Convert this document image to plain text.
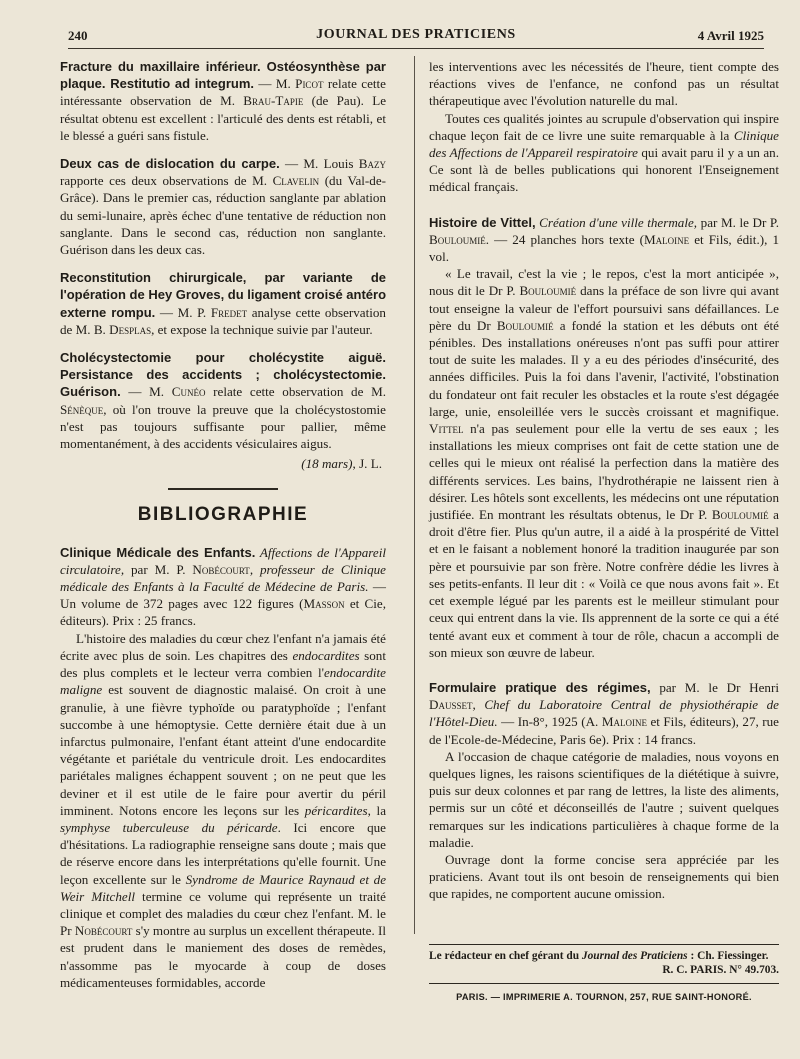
240	JOURNAL DES PRATICIENS	4 Avril 1925

Fracture du maxillaire inférieur. Ostéosynthèse par plaque. Restitutio ad integrum. — M. Picot relate cette intéressante observation de M. Brau-Tapie (de Pau). Le résultat obtenu est excellent : l'articulé des dents est rétabli, et le blessé a guéri sans fistule.

Deux cas de dislocation du carpe. — M. Louis Bazy rapporte ces deux observations de M. Clavelin (du Val-de-Grâce). Dans le premier cas, réduction sanglante par ablation du semi-lunaire, après échec d'une tentative de réduction non sanglante. Dans le second cas, réduction non sanglante. Guérison dans les deux cas.

Reconstitution chirurgicale, par variante de l'opération de Hey Groves, du ligament croisé antéro externe rompu. — M. P. Fredet analyse cette observation de M. B. Desplas, et expose la technique suivie par l'auteur.

Cholécystectomie pour cholécystite aiguë. Persistance des accidents ; cholécystectomie. Guérison. — M. Cunéo relate cette observation de M. Sénèque, où l'on trouve la preuve que la cholécystostomie n'est pas toujours suffisante pour pallier, même momentanément, à des accidents vésiculaires aigus.

(18 mars), J. L.

BIBLIOGRAPHIE

Clinique Médicale des Enfants. Affections de l'Appareil circulatoire, par M. P. Nobécourt, professeur de Clinique médicale des Enfants à la Faculté de Médecine de Paris. — Un volume de 372 pages avec 122 figures (Masson et Cie, éditeurs). Prix : 25 francs.

L'histoire des maladies du cœur chez l'enfant n'a jamais été écrite avec plus de soin. Les chapitres des endocardites sont des plus complets et le lecteur verra combien l'endocardite maligne est souvent de diagnostic malaisé. On croit à une granulie, à une fièvre typhoïde ou paratyphoïde ; l'enfant succombe à une hémoptysie. Cette dernière était due à un infarctus pulmonaire, l'enfant étant atteint d'une endocardite végétante et pariétale du ventricule droit. Les endocardites pariétales malignes échappent souvent ; on ne peut que les deviner et il est utile de le faire pour avertir du péril imminent. Notons encore les leçons sur les péricardites, la symphyse tuberculeuse du péricarde. Ici encore que d'hésitations. La radiographie renseigne sans doute ; mais que de réserve encore dans les interprétations qu'elle fournit. Une leçon excellente sur le Syndrome de Maurice Raynaud et de Weir Mitchell termine ce volume qui représente un traité clinique et complet des maladies du cœur chez l'enfant. M. le Pr Nobécourt s'y montre au surplus un excellent thérapeute. Il est prudent dans le maniement des doses de remèdes, n'assomme pas le myocarde à coup de doses médicamenteuses formidables, accorde

les interventions avec les nécessités de l'heure, tient compte des réactions vives de l'enfance, ne confond pas un résultat thérapeutique avec l'évolution naturelle du mal.

Toutes ces qualités jointes au scrupule d'observation qui inspire chaque leçon fait de ce livre une suite remarquable à la Clinique des Affections de l'Appareil respiratoire qui avait paru il y a un an. Ce sont là de belles publications qui honorent l'Enseignement médical français.

Histoire de Vittel, Création d'une ville thermale, par M. le Dr P. Bouloumié. — 24 planches hors texte (Maloine et Fils, édit.), 1 vol.

« Le travail, c'est la vie ; le repos, c'est la mort anticipée », nous dit le Dr P. Bouloumié dans la préface de son livre qui avant tout enseigne la valeur de l'effort poursuivi sans défaillances. Le père du Dr Bouloumié a fondé la station et les débuts ont été pénibles. Des installations onéreuses n'ont pas suffi pour attirer tout de suite les malades. Il y a eu des périodes d'insécurité, des années difficiles. Puis la foi dans l'avenir, l'activité, l'obstination du fondateur ont fait reculer les obstacles et la route s'est dégagée large, unie, ensoleillée vers le succès croissant et magnifique. Vittel n'a pas seulement pour elle la vertu de ses eaux ; les installations les mieux comprises ont fait de cette station une de celles qui le mieux ont réalisé la perfection dans la matière des différents services. Les bains, l'hydrothérapie ne laissent rien à désirer. Les hôtels sont excellents, les médecins ont une réputation justifiée. En montrant les résultats obtenus, le Dr P. Bouloumié a droit d'être fier. Plus qu'un autre, il a aidé à la prospérité de Vittel et en le faisant a noblement honoré la tradition inaugurée par son père et poursuivie par son frère. Notre confrère dédie les livres à ses petits-enfants. Il leur dit : « Voilà ce que nous avons fait ». Et cet exemple légué par les parents est le meilleur stimulant pour ceux qui entrent dans la vie. Ils apprennent de la sorte ce qui a été tenté avant eux et comment à tour de rôle, chacun a accompli de son mieux son œuvre de labeur.

Formulaire pratique des régimes, par M. le Dr Henri Dausset, Chef du Laboratoire Central de physiothérapie de l'Hôtel-Dieu. — In-8°, 1925 (A. Maloine et Fils, éditeurs), 27, rue de l'Ecole-de-Médecine, Paris 6e). Prix : 14 francs.

A l'occasion de chaque catégorie de maladies, nous voyons en quelques lignes, les raisons scientifiques de la diététique à suivre, puis sur deux colonnes et par rang de lettres, la liste des aliments, permis sur un côté et déconseillés de l'autre ; suivent quelques remarques sur les indications particulières à chaque forme de la maladie.

Ouvrage dont la forme concise sera appréciée par les praticiens. Avant tout ils ont besoin de renseignements qui bien que rapides, ne comportent aucune omission.

Le rédacteur en chef gérant du Journal des Praticiens : Ch. Fiessinger.

R. C. PARIS. N° 49.703.

PARIS. — IMPRIMERIE A. TOURNON, 257, RUE SAINT-HONORÉ.
